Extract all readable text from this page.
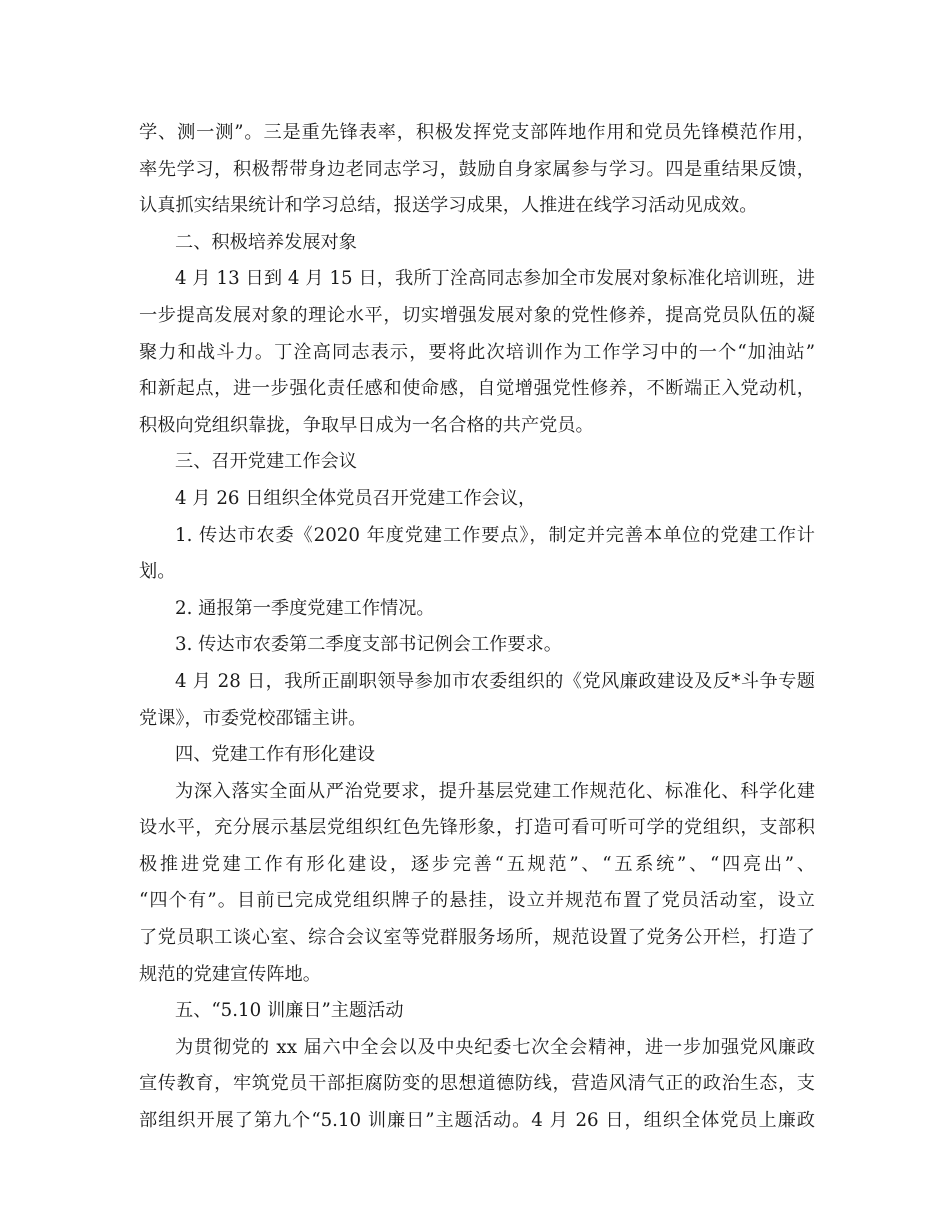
学、测一测”。三是重先锋表率，积极发挥党支部阵地作用和党员先锋模范作用，
率先学习，积极帮带身边老同志学习，鼓励自身家属参与学习。四是重结果反馈，
认真抓实结果统计和学习总结，报送学习成果，人推进在线学习活动见成效。
二、积极培养发展对象
4 月 13 日到 4 月 15 日，我所丁洤高同志参加全市发展对象标准化培训班，进
一步提高发展对象的理论水平，切实增强发展对象的党性修养，提高党员队伍的凝
聚力和战斗力。丁洤高同志表示，要将此次培训作为工作学习中的一个“加油站”
和新起点，进一步强化责任感和使命感，自觉增强党性修养，不断端正入党动机，
积极向党组织靠拢，争取早日成为一名合格的共产党员。
三、召开党建工作会议
4 月 26 日组织全体党员召开党建工作会议，
1. 传达市农委《2020 年度党建工作要点》，制定并完善本单位的党建工作计
划。
2. 通报第一季度党建工作情况。
3. 传达市农委第二季度支部书记例会工作要求。
4 月 28 日，我所正副职领导参加市农委组织的《党风廉政建设及反*斗争专题
党课》，市委党校邵镭主讲。
四、党建工作有形化建设
为深入落实全面从严治党要求，提升基层党建工作规范化、标准化、科学化建
设水平，充分展示基层党组织红色先锋形象，打造可看可听可学的党组织，支部积
极推进党建工作有形化建设，逐步完善“五规范”、“五系统”、“四亮出”、
“四个有”。目前已完成党组织牌子的悬挂，设立并规范布置了党员活动室，设立
了党员职工谈心室、综合会议室等党群服务场所，规范设置了党务公开栏，打造了
规范的党建宣传阵地。
五、“5.10 训廉日”主题活动
为贯彻党的 xx 届六中全会以及中央纪委七次全会精神，进一步加强党风廉政
宣传教育，牢筑党员干部拒腐防变的思想道德防线，营造风清气正的政治生态，支
部组织开展了第九个“5.10 训廉日”主题活动。4 月 26 日，组织全体党员上廉政
